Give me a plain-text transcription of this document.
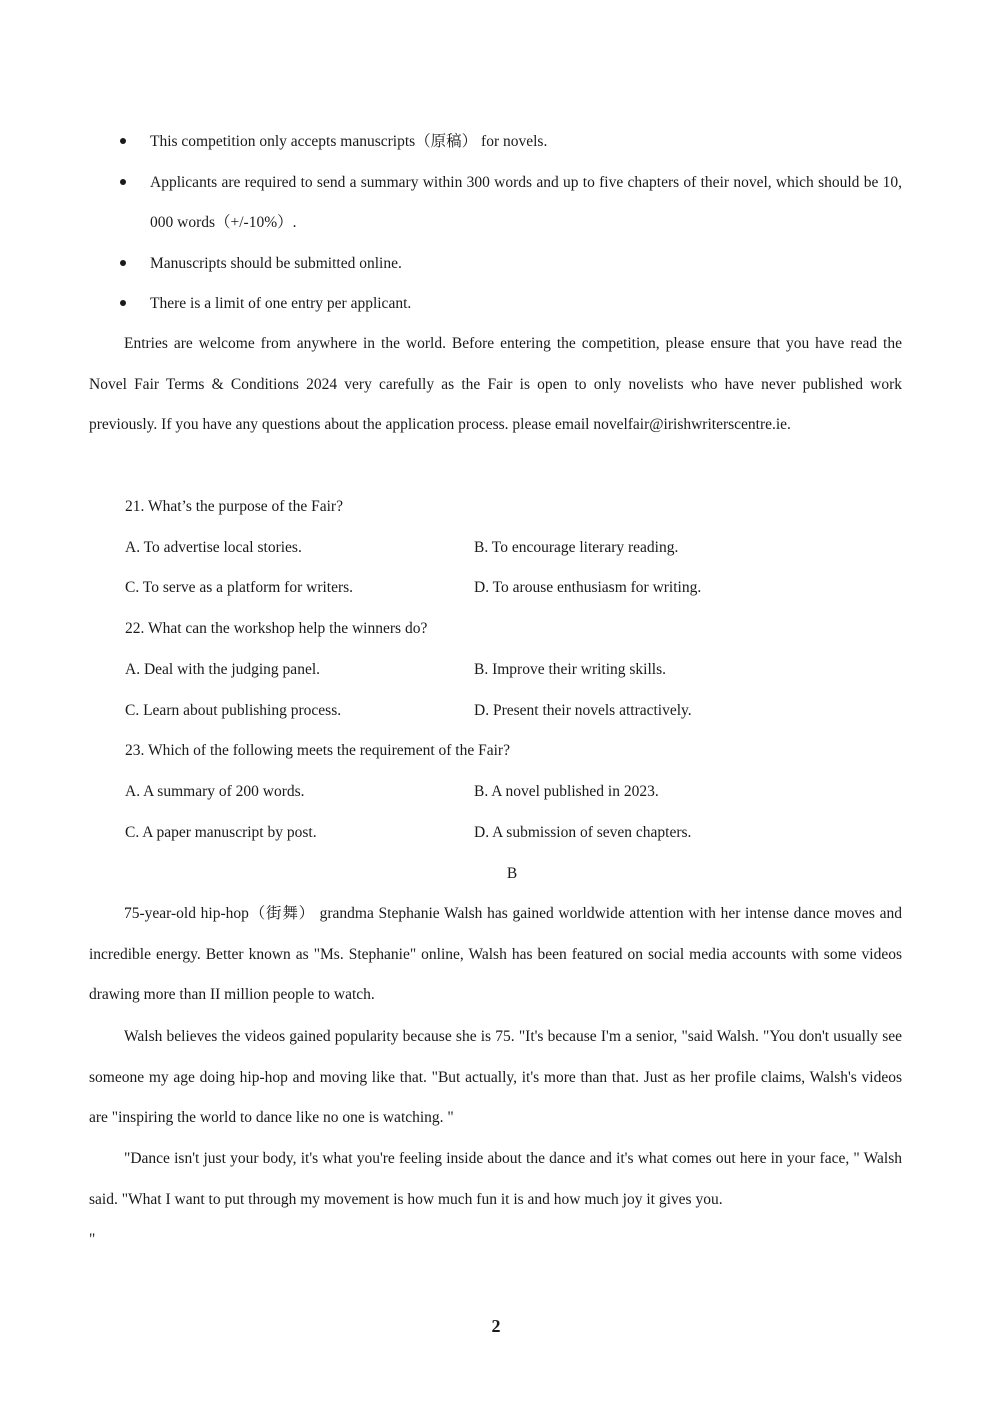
This competition only accepts manuscripts（原稿） for novels.
Applicants are required to send a summary within 300 words and up to five chapters of their novel, which should be 10, 000 words（+/-10%）.
Manuscripts should be submitted online.
There is a limit of one entry per applicant.

Entries are welcome from anywhere in the world. Before entering the competition, please ensure that you have read the Novel Fair Terms & Conditions 2024 very carefully as the Fair is open to only novelists who have never published work previously. If you have any questions about the application process. please email novelfair@irishwriterscentre.ie.

21. What’s the purpose of the Fair?

A. To advertise local stories.	B. To encourage literary reading.

C. To serve as a platform for writers.	D. To arouse enthusiasm for writing.

22. What can the workshop help the winners do?

A. Deal with the judging panel.	B. Improve their writing skills.

C. Learn about publishing process.	D. Present their novels attractively.

23. Which of the following meets the requirement of the Fair?

A. A summary of 200 words.	B. A novel published in 2023.

C. A paper manuscript by post.	D. A submission of seven chapters.

B

75-year-old hip-hop（街舞） grandma Stephanie Walsh has gained worldwide attention with her intense dance moves and incredible energy. Better known as "Ms. Stephanie" online, Walsh has been featured on social media accounts with some videos drawing more than II million people to watch.

Walsh believes the videos gained popularity because she is 75. "It's because I'm a senior, "said Walsh. "You don't usually see someone my age doing hip-hop and moving like that. "But actually, it's more than that. Just as her profile claims, Walsh's videos are "inspiring the world to dance like no one is watching. "

"Dance isn't just your body, it's what you're feeling inside about the dance and it's what comes out here in your face, " Walsh said. "What I want to put through my movement is how much fun it is and how much joy it gives you.

"

2
